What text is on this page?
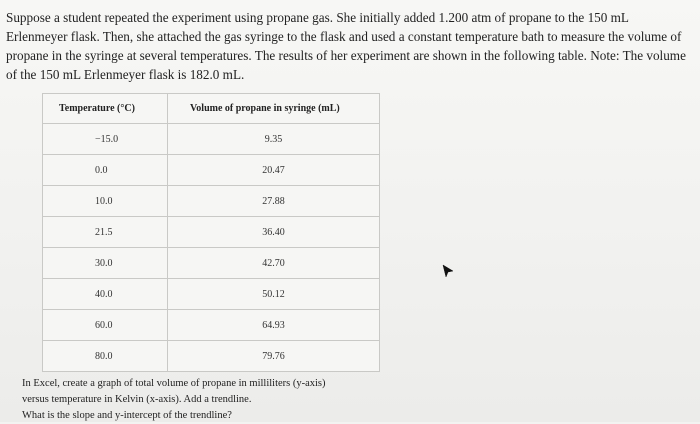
Suppose a student repeated the experiment using propane gas. She initially added 1.200 atm of propane to the 150 mL

Erlenmeyer flask. Then, she attached the gas syringe to the flask and used a constant temperature bath to measure the volume of

propane in the syringe at several temperatures. The results of her experiment are shown in the following table. Note: The volume

of the 150 mL Erlenmeyer flask is 182.0 mL.

Temperature (°C)	Volume of propane in syringe (mL)
−15.0	9.35
0.0	20.47
10.0	27.88
21.5	36.40
30.0	42.70
40.0	50.12
60.0	64.93
80.0	79.76

In Excel, create a graph of total volume of propane in milliliters (y-axis) versus temperature in Kelvin (x-axis). Add a trendline.

What is the slope and y-intercept of the trendline?
